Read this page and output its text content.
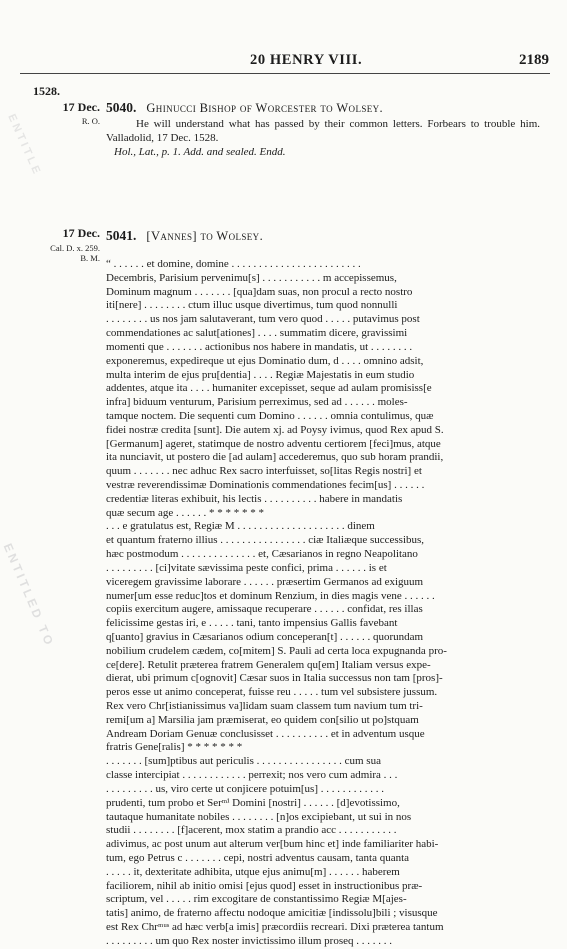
20 HENRY VIII.	2189
ENTITLE
ENTITLED TO
1528.
17 Dec.
R. O.
5040. Ghinucci Bishop of Worcester to Wolsey.

He will understand what has passed by their common letters. Forbears to trouble him. Valladolid, 17 Dec. 1528.

Hol., Lat., p. 1. Add. and sealed. Endd.

17 Dec.
Cal. D. x. 259.
B. M.
5041. [Vannes] to Wolsey.
“ . . . . . . et domine, domine . . . . . . . . . . . . . . . . . . . . . . . .
Decembris, Parisium pervenimu[s] . . . . . . . . . . . m accepissemus,
Dominum magnum . . . . . . . [qua]dam suas, non procul a recto nostro
iti[nere] . . . . . . . . ctum illuc usque divertimus, tum quod nonnulli
. . . . . . . . us nos jam salutaverant, tum vero quod . . . . . putavimus post
commendationes ac salut[ationes] . . . . summatim dicere, gravissimi
momenti que . . . . . . . actionibus nos habere in mandatis, ut . . . . . . . .
exponeremus, expedireque ut ejus Dominatio dum, d . . . . omnino adsit,
multa interim de ejus pru[dentia] . . . . Regiæ Majestatis in eum studio
addentes, atque ita . . . . humaniter excepisset, seque ad aulam promisiss[e
infra] biduum venturum, Parisium perreximus, sed ad . . . . . . moles-
tamque noctem. Die sequenti cum Domino . . . . . . omnia contulimus, quæ
fidei nostræ credita [sunt]. Die autem xj. ad Poysy ivimus, quod Rex apud S.
[Germanum] ageret, statimque de nostro adventu certiorem [feci]mus, atque
ita nunciavit, ut postero die [ad aulam] accederemus, quo sub horam prandii,
quum . . . . . . . nec adhuc Rex sacro interfuisset, so[litas Regis nostri] et
vestræ reverendissimæ Dominationis commendationes fecim[us] . . . . . .
credentiæ literas exhibuit, his lectis . . . . . . . . . . habere in mandatis
quæ secum age . . . . . . * * * * * * *
. . . e gratulatus est, Regiæ M . . . . . . . . . . . . . . . . . . . . dinem
et quantum fraterno illius . . . . . . . . . . . . . . . . ciæ Italiæque successibus,
hæc postmodum . . . . . . . . . . . . . . et, Cæsarianos in regno Neapolitano
. . . . . . . . . [ci]vitate sævissima peste confici, prima . . . . . . is et
viceregem gravissime laborare . . . . . . præsertim Germanos ad exiguum
numer[um esse reduc]tos et dominum Renzium, in dies magis vene . . . . . .
copiis exercitum augere, amissaque recuperare . . . . . . confidat, res illas
felicissime gestas iri, e . . . . . tani, tanto impensius Gallis favebant
q[uanto] gravius in Cæsarianos odium conceperan[t] . . . . . . quorundam
nobilium crudelem cædem, co[mitem] S. Pauli ad certa loca expugnanda pro-
ce[dere]. Retulit præterea fratrem Generalem qu[em] Italiam versus expe-
dierat, ubi primum c[ognovit] Cæsar suos in Italia successus non tam [pros]-
peros esse ut animo conceperat, fuisse reu . . . . . tum vel subsistere jussum.
Rex vero Chr[istianissimus va]lidam suam classem tum navium tum tri-
remi[um a] Marsilia jam præmiserat, eo quidem con[silio ut po]stquam
Andream Doriam Genuæ conclusisset . . . . . . . . . . et in adventum usque
fratris Gene[ralis] * * * * * * *
. . . . . . . [sum]ptibus aut periculis . . . . . . . . . . . . . . . . cum sua
classe intercipiat . . . . . . . . . . . . perrexit; nos vero cum admira . . .
. . . . . . . . . us, viro certe ut conjicere potuim[us] . . . . . . . . . . . .
prudenti, tum probo et Serᵐⁱ Domini [nostri] . . . . . . [d]evotissimo,
tautaque humanitate nobiles . . . . . . . . [n]os excipiebant, ut sui in nos
studii . . . . . . . . [f]acerent, mox statim a prandio acc . . . . . . . . . . .
adivimus, ac post unum aut alterum ver[bum hinc et] inde familiariter habi-
tum, ego Petrus c . . . . . . . cepi, nostri adventus causam, tanta quanta
. . . . . it, dexteritate adhibita, utque ejus animu[m] . . . . . . haberem
faciliorem, nihil ab initio omisi [ejus quod] esset in instructionibus præ-
scriptum, vel . . . . . rim excogitare de constantissimo Regiæ M[ajes-
tatis] animo, de fraterno affectu nodoque amicitiæ [indissolu]bili ; visusque
est Rex Chrᵐᵘˢ ad hæc verb[a imis] præcordiis recreari. Dixi præterea tantum
. . . . . . . . . um quo Rex noster invictissimo illum proseq . . . . . . .
